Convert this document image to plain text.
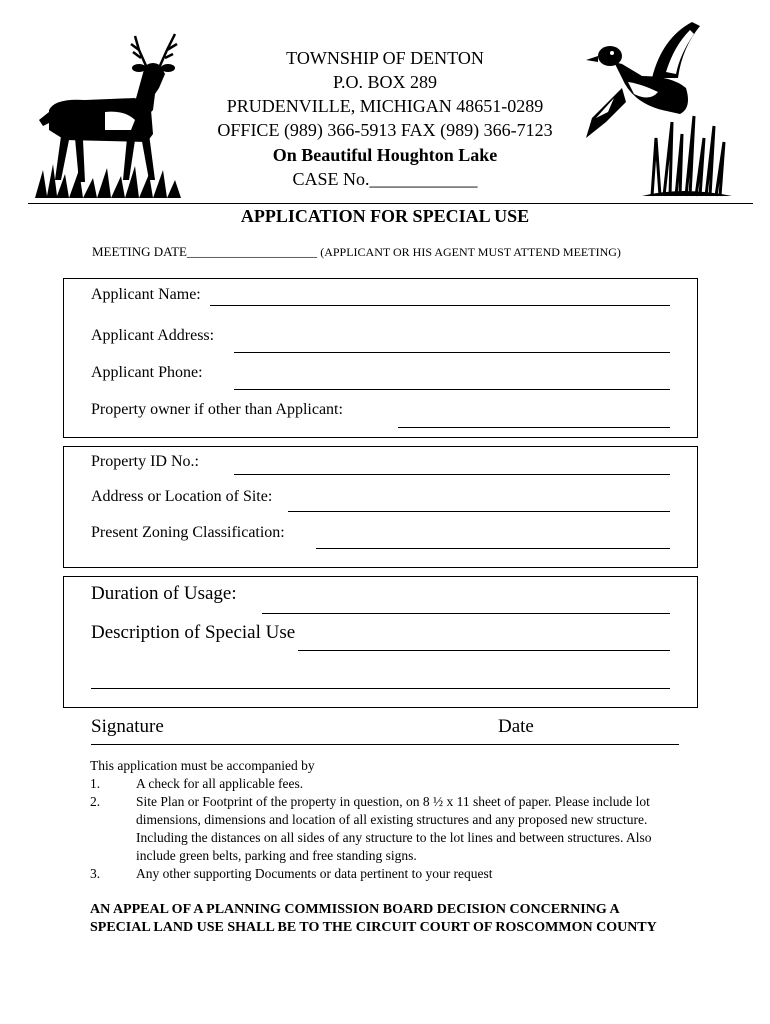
TOWNSHIP OF DENTON
P.O. BOX 289
PRUDENVILLE, MICHIGAN 48651-0289
OFFICE (989) 366-5913 FAX (989) 366-7123
On Beautiful Houghton Lake
CASE No.____________
APPLICATION FOR SPECIAL USE
MEETING DATE____________________ (APPLICANT OR HIS AGENT MUST ATTEND MEETING)
Applicant Name:
Applicant Address:
Applicant Phone:
Property owner if other than Applicant:
Property ID No.:
Address or Location of Site:
Present Zoning Classification:
Duration of Usage:
Description of Special Use
Signature	Date
This application must be accompanied by
1.	A check for all applicable fees.
2.	Site Plan or Footprint of the property in question, on 8 ½ x 11 sheet of paper. Please include lot dimensions, dimensions and location of all existing structures and any proposed new structure. Including the distances on all sides of any structure to the lot lines and between structures. Also include green belts, parking and free standing signs.
3.	Any other supporting Documents or data pertinent to your request
AN APPEAL OF A PLANNING COMMISSION BOARD DECISION CONCERNING A SPECIAL LAND USE SHALL BE TO THE CIRCUIT COURT OF ROSCOMMON COUNTY
